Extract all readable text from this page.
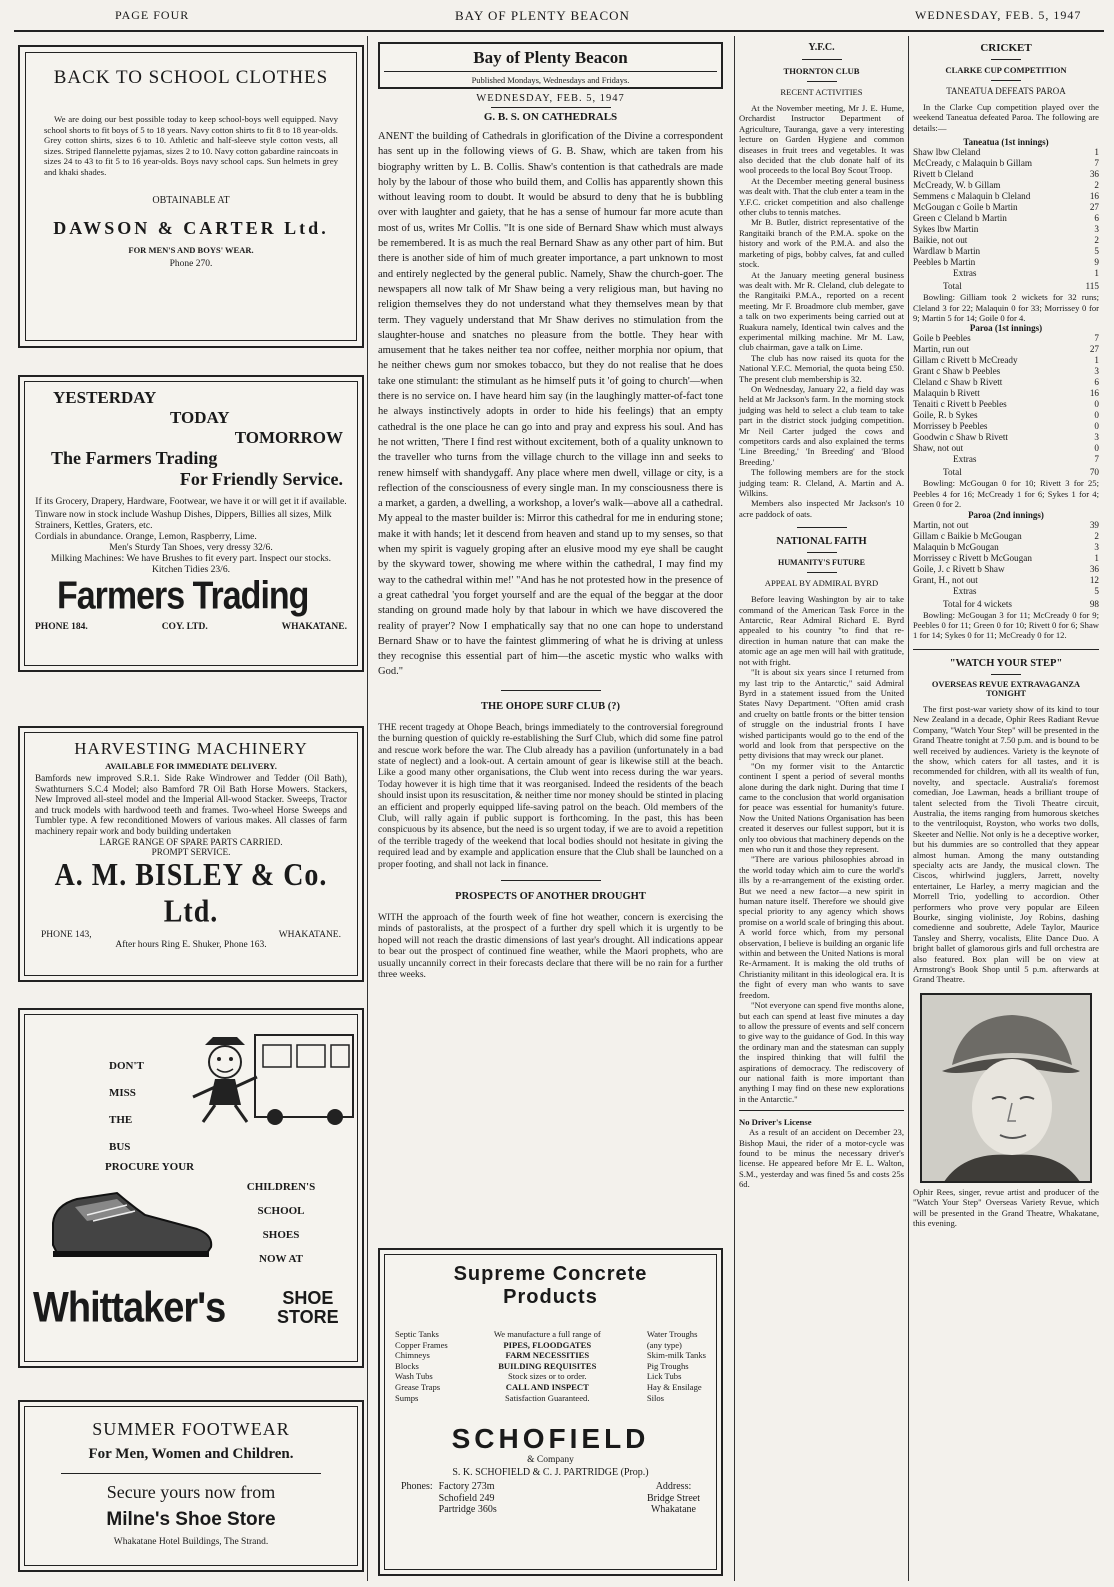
PAGE FOUR	BAY OF PLENTY BEACON	WEDNESDAY, FEB. 5, 1947
BACK TO SCHOOL CLOTHES
We are doing our best possible today to keep school-boys well equipped. Navy school shorts to fit boys of 5 to 18 years. Navy cotton shirts to fit 8 to 18 year-olds. Grey cotton shirts, sizes 6 to 10. Athletic and half-sleeve style cotton vests, all sizes. Striped flannelette pyjamas, sizes 2 to 10. Navy cotton gabardine raincoats in sizes 24 to 43 to fit 5 to 16 year-olds. Boys navy school caps. Sun helmets in grey and khaki shades.
OBTAINABLE AT
DAWSON & CARTER Ltd.
FOR MEN'S AND BOYS' WEAR.
Phone 270.
YESTERDAY
TODAY
TOMORROW
The Farmers Trading
For Friendly Service.
If its Grocery, Drapery, Hardware, Footwear, we have it or will get it if available.
Tinware now in stock include Washup Dishes, Dippers, Billies all sizes, Milk Strainers, Kettles, Graters, etc.
Cordials in abundance. Orange, Lemon, Raspberry, Lime.
Men's Sturdy Tan Shoes, very dressy 32/6.
Milking Machines: We have Brushes to fit every part. Inspect our stocks.
Kitchen Tidies 23/6.
Farmers Trading
PHONE 184.	COY. LTD.	WHAKATANE.
HARVESTING MACHINERY
AVAILABLE FOR IMMEDIATE DELIVERY.
Bamfords new improved S.R.1. Side Rake Windrower and Tedder (Oil Bath), Swathturners S.C.4 Model; also Bamford 7R Oil Bath Horse Mowers. Stackers, New Improved all-steel model and the Imperial All-wood Stacker. Sweeps, Tractor and truck models with hardwood teeth and frames. Two-wheel Horse Sweeps and Tumbler type. A few reconditioned Mowers of various makes. All classes of farm machinery repair work and body building undertaken
LARGE RANGE OF SPARE PARTS CARRIED.
PROMPT SERVICE.
A. M. BISLEY & Co. Ltd.
PHONE 143,	WHAKATANE.
After hours Ring E. Shuker, Phone 163.
DON'T
MISS
THE
BUS
PROCURE YOUR
CHILDREN'S
SCHOOL
SHOES
NOW AT
Whittaker's	SHOE
STORE
SUMMER FOOTWEAR
For Men, Women and Children.
Secure yours now from
Milne's Shoe Store
Whakatane Hotel Buildings, The Strand.
Bay of Plenty Beacon
Published Mondays, Wednesdays and Fridays.
WEDNESDAY, FEB. 5, 1947
G. B. S. ON CATHEDRALS
ANENT the building of Cathedrals in glorification of the Divine a correspondent has sent up in the following views of G. B. Shaw, which are taken from his biography written by L. B. Collis. Shaw's contention is that cathedrals are made holy by the labour of those who build them, and Collis has apparently shown this without leaving room to doubt. It would be absurd to deny that he is bubbling over with laughter and gaiety, that he has a sense of humour far more acute than most of us, writes Mr Collis. "It is one side of Bernard Shaw which must always be remembered. It is as much the real Bernard Shaw as any other part of him. But there is another side of him of much greater importance, a part unknown to most and entirely neglected by the general public. Namely, Shaw the church-goer. The newspapers all now talk of Mr Shaw being a very religious man, but having no religion themselves they do not understand what they themselves mean by that term. They vaguely understand that Mr Shaw derives no stimulation from the slaughter-house and snatches no pleasure from the bottle. They hear with amusement that he takes neither tea nor coffee, neither morphia nor opium, that he neither chews gum nor smokes tobacco, but they do not realise that he does take one stimulant: the stimulant as he himself puts it 'of going to church'—when there is no service on. I have heard him say (in the laughingly matter-of-fact tone he always instinctively adopts in order to hide his feelings) that an empty cathedral is the one place he can go into and pray and express his soul. And has he not written, 'There I find rest without excitement, both of a quality unknown to the traveller who turns from the village church to the village inn and seeks to renew himself with shandygaff. Any place where men dwell, village or city, is a reflection of the consciousness of every single man. In my consciousness there is a market, a garden, a dwelling, a workshop, a lover's walk—above all a cathedral. My appeal to the master builder is: Mirror this cathedral for me in enduring stone; make it with hands; let it descend from heaven and stand up to my senses, so that when my spirit is vaguely groping after an elusive mood my eye shall be caught by the skyward tower, showing me where within the cathedral, I may find my way to the cathedral within me!' "And has he not protested how in the presence of a great cathedral 'you forget yourself and are the equal of the beggar at the door standing on ground made holy by that labour in which we have discovered the reality of prayer'? Now I emphatically say that no one can hope to understand Bernard Shaw or to have the faintest glimmering of what he is driving at unless they recognise this essential part of him—the ascetic mystic who walks with God."
THE OHOPE SURF CLUB (?)
THE recent tragedy at Ohope Beach, brings immediately to the controversial foreground the burning question of quickly re-establishing the Surf Club, which did some fine patrol and rescue work before the war. The Club already has a pavilion (unfortunately in a bad state of neglect) and a look-out. A certain amount of gear is likewise still at the beach. Like a good many other organisations, the Club went into recess during the war years. Today however it is high time that it was reorganised. Indeed the residents of the beach should insist upon its resuscitation, & neither time nor money should be stinted in placing an efficient and properly equipped life-saving patrol on the beach. Old members of the Club, will rally again if public support is forthcoming. In the past, this has been conspicuous by its absence, but the need is so urgent today, if we are to avoid a repetition of the terrible tragedy of the weekend that local bodies should not hesitate in giving the required lead and by example and application ensure that the Club shall be launched on a proper footing, and shall not lack in finance.
PROSPECTS OF ANOTHER DROUGHT
WITH the approach of the fourth week of fine hot weather, concern is exercising the minds of pastoralists, at the prospect of a further dry spell which it is urgently to be hoped will not reach the drastic dimensions of last year's drought. All indications appear to bear out the prospect of continued fine weather, while the Maori prophets, who are usually uncannily correct in their forecasts declare that there will be no rain for a further three weeks.
Supreme Concrete
Products
Septic Tanks
Copper Frames
Chimneys
Blocks
Wash Tubs
Grease Traps
Sumps
We manufacture a full range of
PIPES, FLOODGATES
FARM NECESSITIES
BUILDING REQUISITES
Stock sizes or to order.
CALL AND INSPECT
Satisfaction Guaranteed.
Water Troughs
(any type)
Skim-milk Tanks
Pig Troughs
Lick Tubs
Hay & Ensilage
Silos
SCHOFIELD
& Company
S. K. SCHOFIELD & C. J. PARTRIDGE (Prop.)
Phones: Factory 273m
Schofield 249
Partridge 360s
Address:
Bridge Street
Whakatane
Y.F.C.
THORNTON CLUB
RECENT ACTIVITIES

At the November meeting, Mr J. E. Hume, Orchardist Instructor Department of Agriculture, Tauranga, gave a very interesting lecture on Garden Hygiene and common diseases in fruit trees and vegetables. It was also decided that the club donate half of its wool proceeds to the local Boy Scout Troop.

At the December meeting general business was dealt with. That the club enter a team in the Y.F.C. cricket competition and also challenge other clubs to tennis matches.

Mr B. Butler, district representative of the Rangitaiki branch of the P.M.A. spoke on the history and work of the P.M.A. and also the marketing of pigs, bobby calves, fat and culled stock.

At the January meeting general business was dealt with. Mr R. Cleland, club delegate to the Rangitaiki P.M.A., reported on a recent meeting. Mr F. Broadmore club member, gave a talk on two experiments being carried out at Ruakura namely, Identical twin calves and the experimental milking machine. Mr M. Law, club chairman, gave a talk on Lime.

The club has now raised its quota for the National Y.F.C. Memorial, the quota being £50. The present club membership is 32.

On Wednesday, January 22, a field day was held at Mr Jackson's farm. In the morning stock judging was held to select a club team to take part in the district stock judging competition. Mr Neil Carter judged the cows and competitors cards and also explained the terms 'Line Breeding,' 'In Breeding' and 'Blood Breeding.'

The following members are for the stock judging team: R. Cleland, A. Martin and A. Wilkins.

Members also inspected Mr Jackson's 10 acre paddock of oats.

NATIONAL FAITH
HUMANITY'S FUTURE
APPEAL BY ADMIRAL BYRD

Before leaving Washington by air to take command of the American Task Force in the Antarctic, Rear Admiral Richard E. Byrd appealed to his country "to find that re-direction in human nature that can make the atomic age an age men will hail with gratitude, not with fright.

"It is about six years since I returned from my last trip to the Antarctic," said Admiral Byrd in a statement issued from the United States Navy Department. "Often amid crash and cruelty on battle fronts or the bitter tension of struggle on the industrial fronts I have wished participants would go to the end of the world and look from that perspective on the petty divisions that may wreck our planet.

"On my former visit to the Antarctic continent I spent a period of several months alone during the dark night. During that time I came to the conclusion that world organisation for peace was essential for humanity's future. Now the United Nations Organisation has been created it deserves our fullest support, but it is only too obvious that machinery depends on the men who run it and those they represent.

"There are various philosophies abroad in the world today which aim to cure the world's ills by a re-arrangement of the existing order. But we need a new factor—a new spirit in human nature itself. Therefore we should give special priority to any agency which shows promise on a world scale of bringing this about. A world force which, from my personal observation, I believe is building an organic life within and between the United Nations is moral Re-Armament. It is making the old truths of Christianity militant in this ideological era. It is the fight of every man who wants to save freedom.

"Not everyone can spend five months alone, but each can spend at least five minutes a day to allow the pressure of events and self concern to give way to the guidance of God. In this way the ordinary man and the statesman can supply the inspired thinking that will fulfil the aspirations of democracy. The rediscovery of our national faith is more important than anything I may find on these new explorations in the Antarctic."

No Driver's License
As a result of an accident on December 23, Bishop Maui, the rider of a motor-cycle was found to be minus the necessary driver's license. He appeared before Mr E. L. Walton, S.M., yesterday and was fined 5s and costs 25s 6d.
CRICKET
CLARKE CUP COMPETITION
TANEATUA DEFEATS PAROA
In the Clarke Cup competition played over the weekend Taneatua defeated Paroa. The following are details:—
Taneatua (1st innings)
Shaw lbw Cleland	1
McCready, c Malaquin b Gillam	7
Rivett b Cleland	36
McCready, W. b Gillam	2
Semmens c Malaquin b Cleland	16
McGougan c Goile b Martin	27
Green c Cleland b Martin	6
Sykes lbw Martin	3
Baikie, not out	2
Wardlaw b Martin	5
Peebles b Martin	9
Extras	1
Total	115
Bowling: Gilliam took 2 wickets for 32 runs; Cleland 3 for 22; Malaquin 0 for 33; Morrissey 0 for 9; Martin 5 for 14; Goile 0 for 4.
Paroa (1st innings)
Goile b Peebles	7
Martin, run out	27
Gillam c Rivett b McCready	1
Grant c Shaw b Peebles	3
Cleland c Shaw b Rivett	6
Malaquin b Rivett	16
Tenaiti c Rivett b Peebles	0
Goile, R. b Sykes	0
Morrissey b Peebles	0
Goodwin c Shaw b Rivett	3
Shaw, not out	0
Extras	7
Total	70
Bowling: McGougan 0 for 10; Rivett 3 for 25; Peebles 4 for 16; McCready 1 for 6; Sykes 1 for 4; Green 0 for 2.
Paroa (2nd innings)
Martin, not out	39
Gillam c Baikie b McGougan	2
Malaquin b McGougan	3
Morrissey c Rivett b McGougan	1
Goile, J. c Rivett b Shaw	36
Grant, H., not out	12
Extras	5
Total for 4 wickets	98
Bowling: McGougan 3 for 11; McCready 0 for 9; Peebles 0 for 11; Green 0 for 10; Rivett 0 for 6; Shaw 1 for 14; Sykes 0 for 11; McCready 0 for 12.
"WATCH YOUR STEP"
OVERSEAS REVUE EXTRAVAGANZA TONIGHT
The first post-war variety show of its kind to tour New Zealand in a decade, Ophir Rees Radiant Revue Company, "Watch Your Step" will be presented in the Grand Theatre tonight at 7.50 p.m. and is bound to be well received by audiences. Variety is the keynote of the show, which caters for all tastes, and it is recommended for children, with all its wealth of fun, novelty, and spectacle. Australia's foremost comedian, Joe Lawman, heads a brilliant troupe of talent selected from the Tivoli Theatre circuit, Australia, the items ranging from humorous sketches to the ventriloquist, Royston, who works two dolls, Skeeter and Nellie. Not only is he a deceptive worker, but his dummies are so controlled that they appear almost human. Among the many outstanding specialty acts are Jandy, the musical clown. The Ciscos, whirlwind jugglers, Jarrett, novelty entertainer, Le Harley, a merry magician and the Morrell Trio, yodelling to accordion. Other performers who prove very popular are Eileen Bourke, singing violiniste, Joy Robins, dashing comedienne and soubrette, Adele Taylor, Maurice Tansley and Sherry, vocalists, Elite Dance Duo. A bright ballet of glamorous girls and full orchestra are also featured. Box plan will be on view at Armstrong's Book Shop until 5 p.m. afterwards at Grand Theatre.
Ophir Rees, singer, revue artist and producer of the "Watch Your Step" Overseas Variety Revue, which will be presented in the Grand Theatre, Whakatane, this evening.
